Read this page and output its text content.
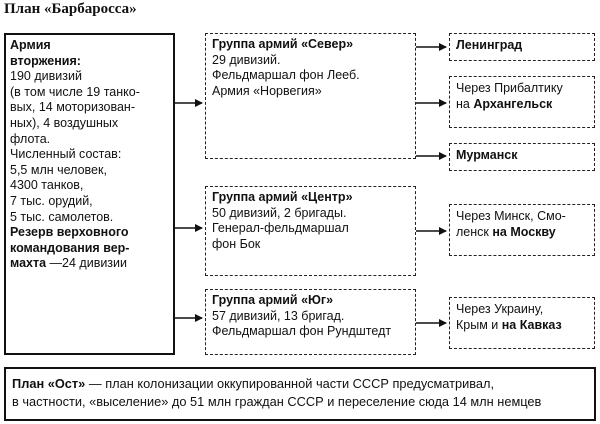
План «Барбаросса»
Армия
вторжения:
190 дивизий
(в том числе 19 танко-
вых, 14 моторизован-
ных), 4 воздушных
флота.
Численный состав:
5,5 млн человек,
4300 танков,
7 тыс. орудий,
5 тыс. самолетов.
Резерв верховного
командования вер-
махта —24 дивизии
Группа армий «Север»
29 дивизий.
Фельдмаршал фон Лееб.
Армия «Норвегия»
Группа армий «Центр»
50 дивизий, 2 бригады.
Генерал-фельдмаршал
фон Бок
Группа армий «Юг»
57 дивизий, 13 бригад.
Фельдмаршал фон Рундштедт
Ленинград
Через Прибалтику
на Архангельск
Мурманск
Через Минск, Смо-
ленск на Москву
Через Украину,
Крым и на Кавказ
План «Ост» — план колонизации оккупированной части СССР предусматривал,
в частности, «выселение» до 51 млн граждан СССР и переселение сюда 14 млн немцев
